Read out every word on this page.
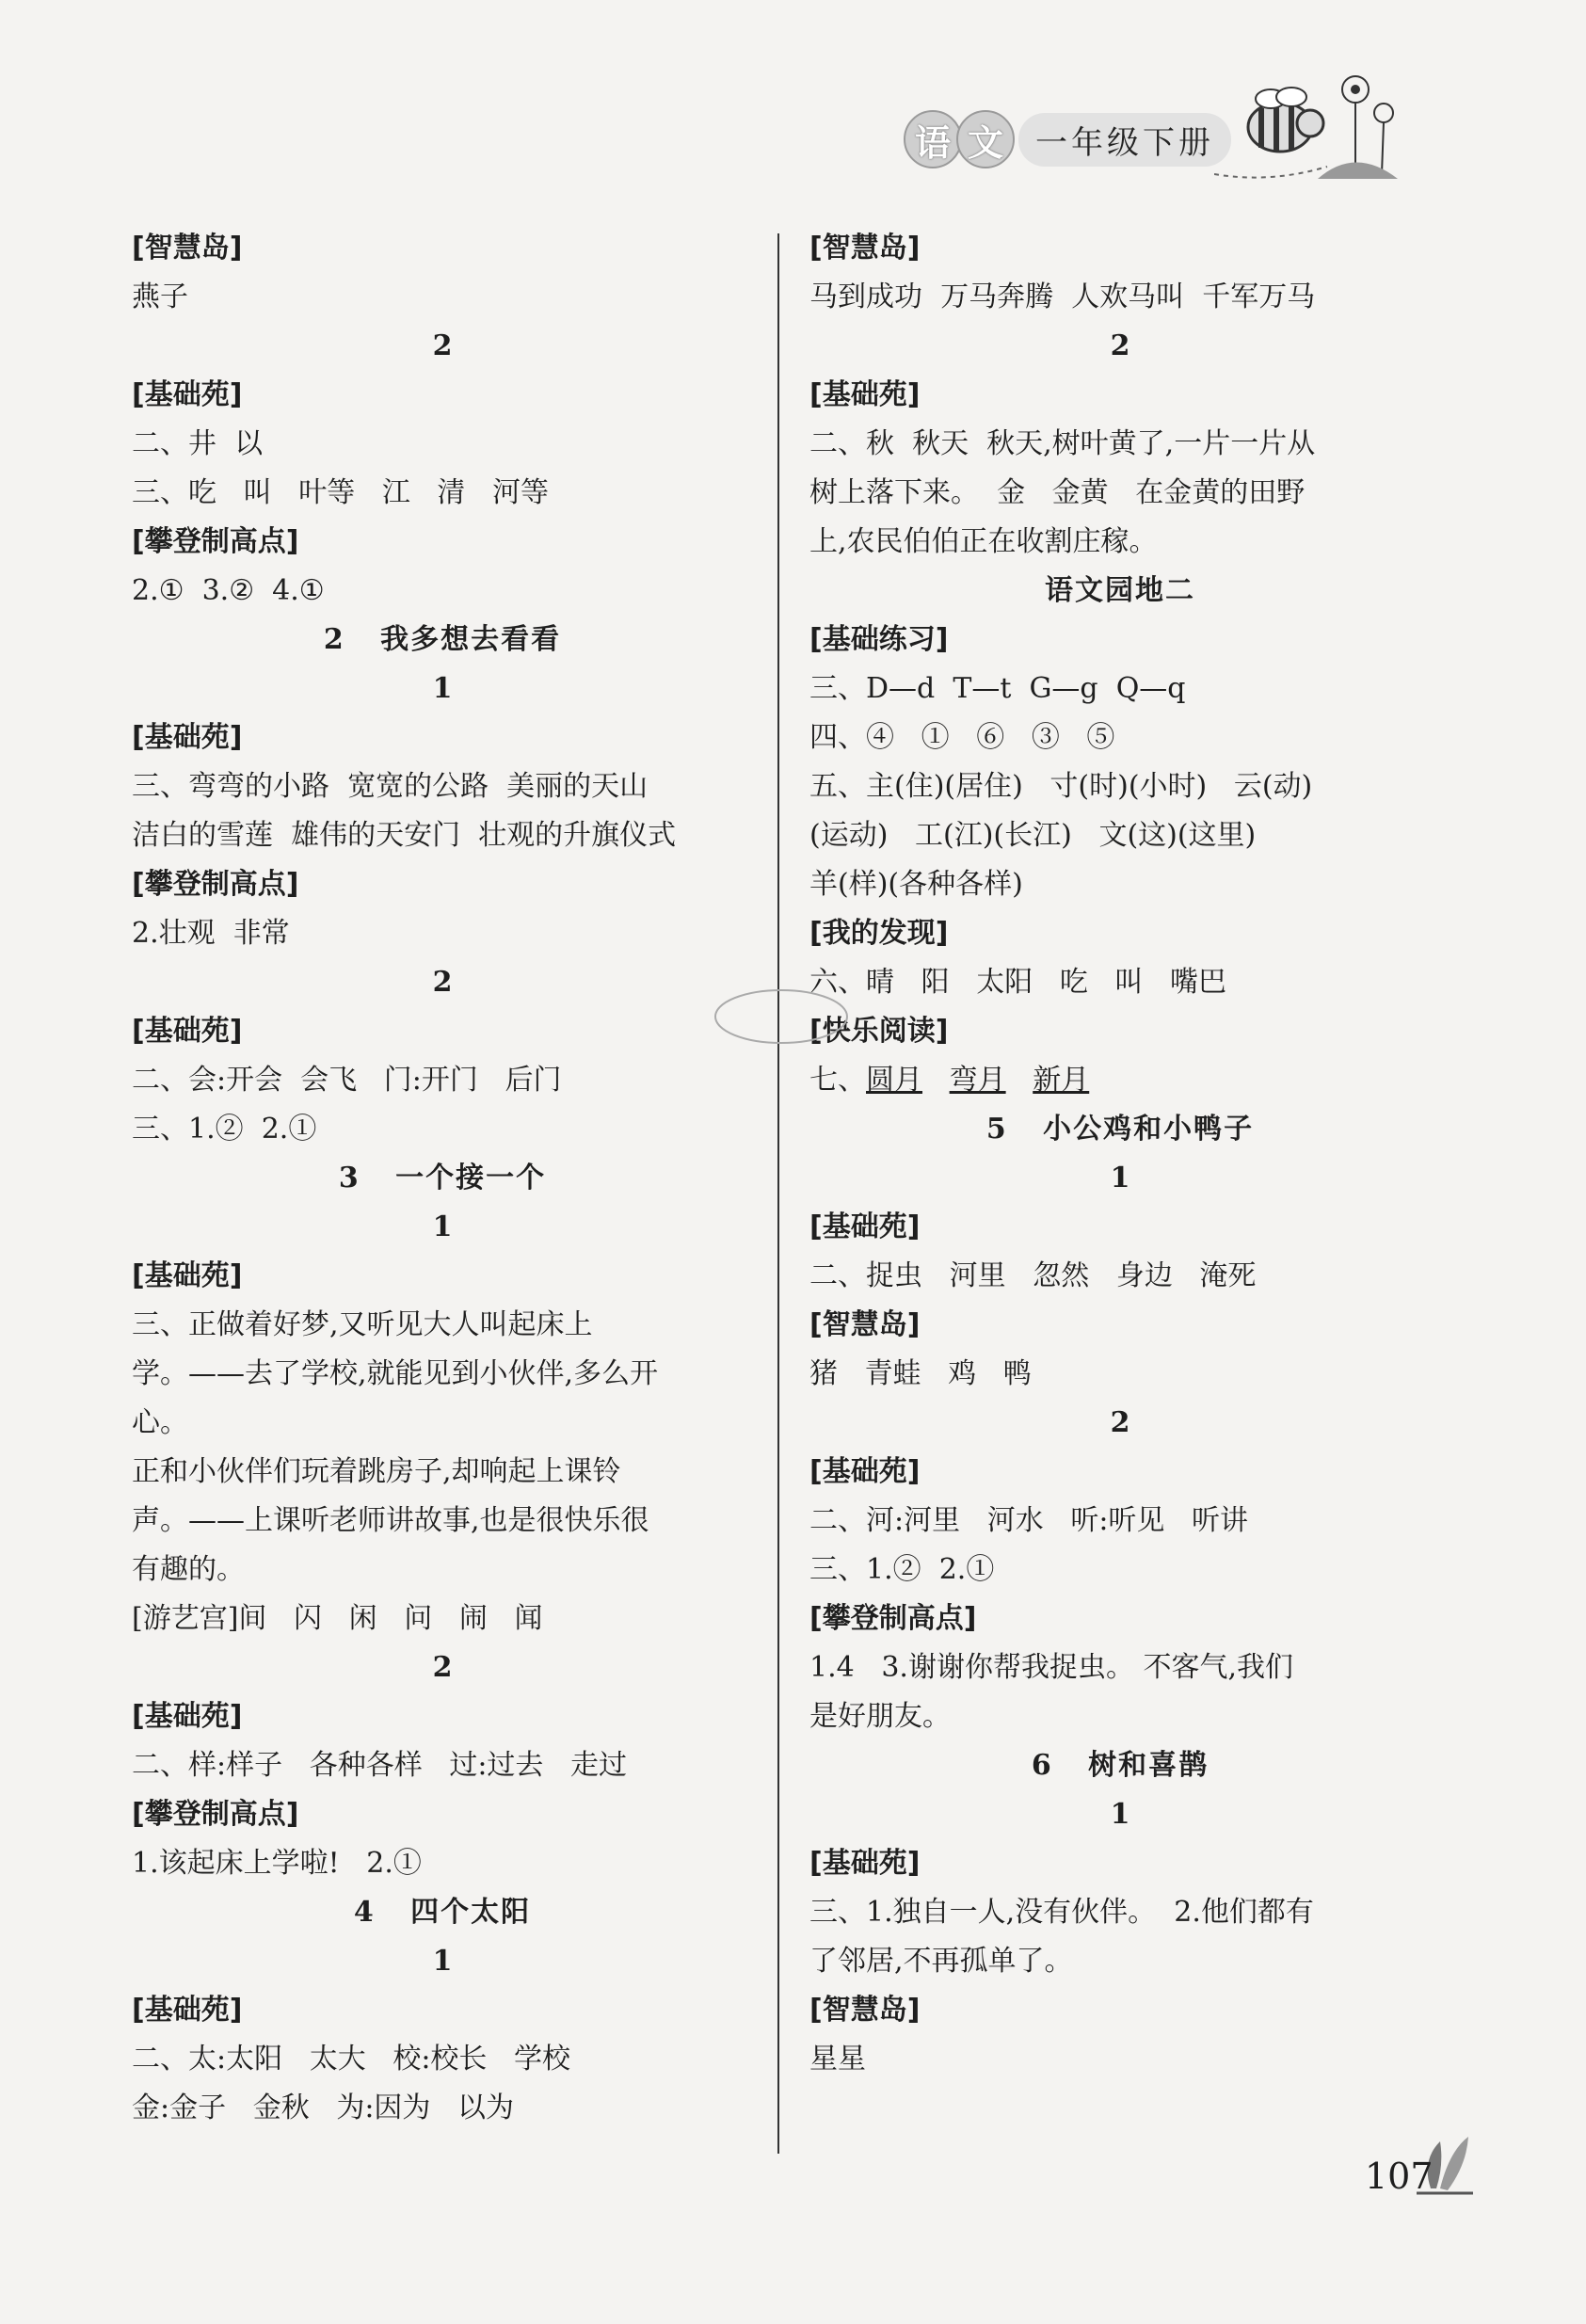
语 文	一年级下册
[智慧岛]
燕子
2
[基础苑]
二、井  以
三、吃   叫   叶等   江   清   河等
[攀登制高点]
2.①  3.②  4.①
2   我多想去看看
1
[基础苑]
三、弯弯的小路  宽宽的公路  美丽的天山
洁白的雪莲  雄伟的天安门  壮观的升旗仪式
[攀登制高点]
2.壮观  非常
2
[基础苑]
二、会:开会  会飞   门:开门   后门
三、1.②  2.①
3   一个接一个
1
[基础苑]
三、正做着好梦,又听见大人叫起床上
学。——去了学校,就能见到小伙伴,多么开
心。
正和小伙伴们玩着跳房子,却响起上课铃
声。——上课听老师讲故事,也是很快乐很
有趣的。
[游艺宫]间   闪   闲   问   闹   闻
2
[基础苑]
二、样:样子   各种各样   过:过去   走过
[攀登制高点]
1.该起床上学啦!   2.①
4   四个太阳
1
[基础苑]
二、太:太阳   太大   校:校长   学校
金:金子   金秋   为:因为   以为
[智慧岛]
马到成功  万马奔腾  人欢马叫  千军万马
2
[基础苑]
二、秋  秋天  秋天,树叶黄了,一片一片从
树上落下来。  金   金黄   在金黄的田野
上,农民伯伯正在收割庄稼。
语文园地二
[基础练习]
三、D—d  T—t  G—g  Q—q
四、④   ①   ⑥   ③   ⑤
五、主(住)(居住)   寸(时)(小时)   云(动)
(运动)   工(江)(长江)   文(这)(这里)
羊(样)(各种各样)
[我的发现]
六、晴   阳   太阳   吃   叫   嘴巴
[快乐阅读]
七、圆月 弯月 新月
5   小公鸡和小鸭子
1
[基础苑]
二、捉虫   河里   忽然   身边   淹死
[智慧岛]
猪   青蛙   鸡   鸭
2
[基础苑]
二、河:河里   河水   听:听见   听讲
三、1.②  2.①
[攀登制高点]
1.4   3.谢谢你帮我捉虫。 不客气,我们
是好朋友。
6   树和喜鹊
1
[基础苑]
三、1.独自一人,没有伙伴。  2.他们都有
了邻居,不再孤单了。
[智慧岛]
星星
107
